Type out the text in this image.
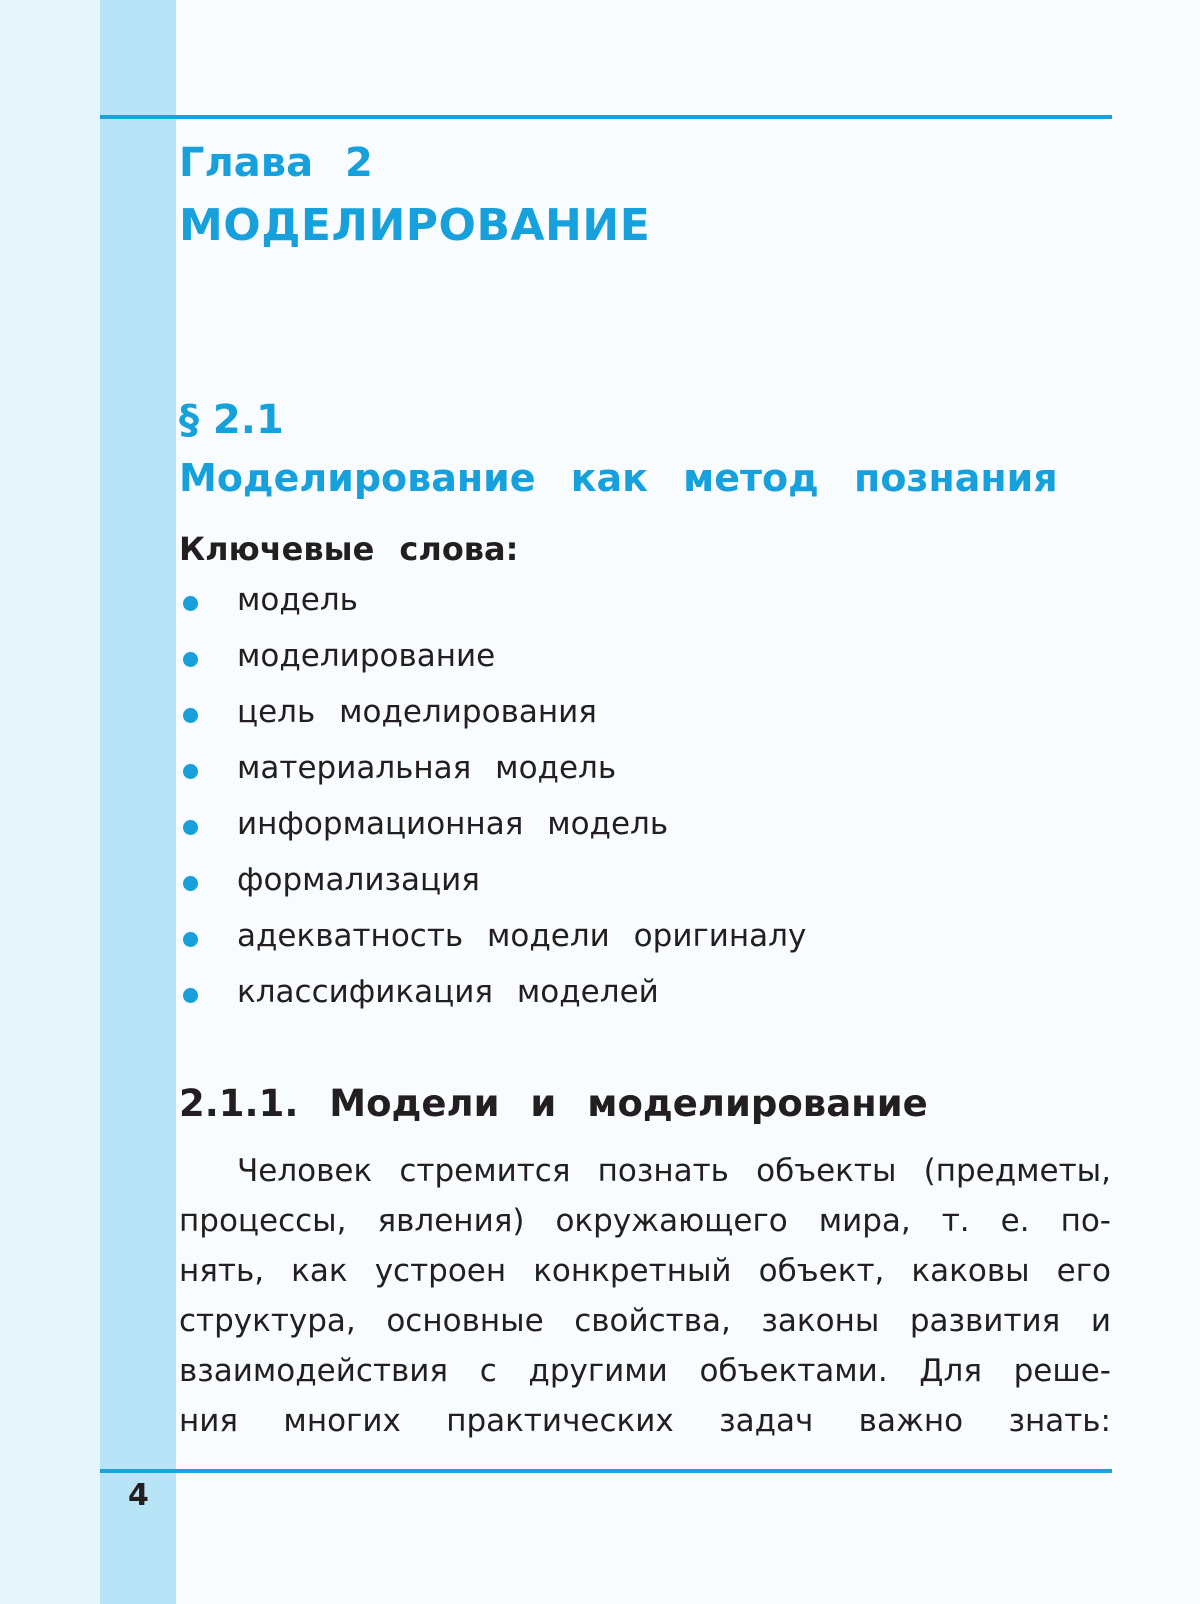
Глава 2
МОДЕЛИРОВАНИЕ
§ 2.1
Моделирование как метод познания
Ключевые слова:
модель
моделирование
цель моделирования
материальная модель
информационная модель
формализация
адекватность модели оригиналу
классификация моделей
2.1.1. Модели и моделирование
Человек стремится познать объекты (предметы,
процессы, явления) окружающего мира, т. е. по-
нять, как устроен конкретный объект, каковы его
структура, основные свойства, законы развития и
взаимодействия с другими объектами. Для реше-
ния многих практических задач важно знать:
4
